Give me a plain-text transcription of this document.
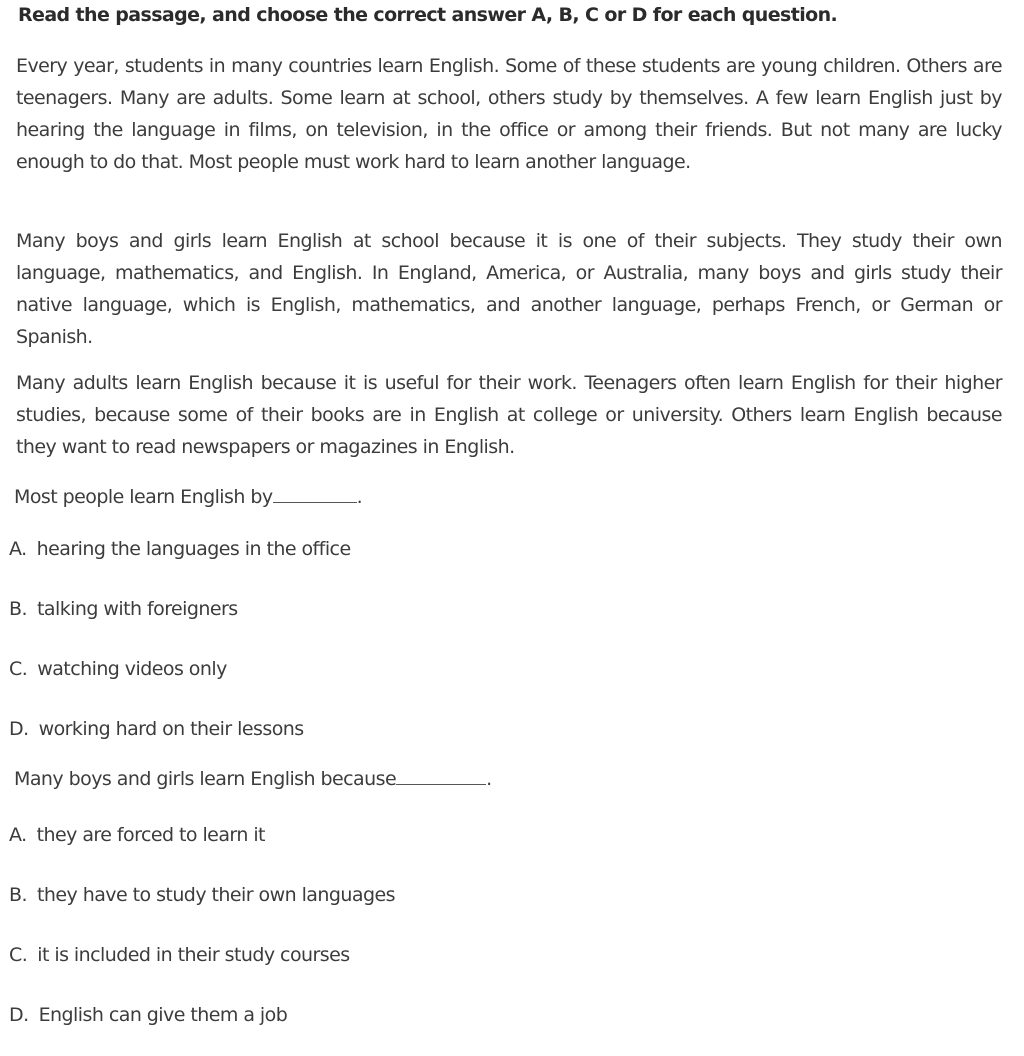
Read the passage, and choose the correct answer A, B, C or D for each question.
Every year, students in many countries learn English. Some of these students are young children. Others are teenagers. Many are adults. Some learn at school, others study by themselves. A few learn English just by hearing the language in films, on television, in the office or among their friends. But not many are lucky enough to do that. Most people must work hard to learn another language.
Many boys and girls learn English at school because it is one of their subjects. They study their own language, mathematics, and English. In England, America, or Australia, many boys and girls study their native language, which is English, mathematics, and another language, perhaps French, or German or Spanish.
Many adults learn English because it is useful for their work. Teenagers often learn English for their higher studies, because some of their books are in English at college or university. Others learn English because they want to read newspapers or magazines in English.
Most people learn English by	.
A. hearing the languages in the office
B. talking with foreigners
C. watching videos only
D. working hard on their lessons
Many boys and girls learn English because	.
A. they are forced to learn it
B. they have to study their own languages
C. it is included in their study courses
D. English can give them a job
